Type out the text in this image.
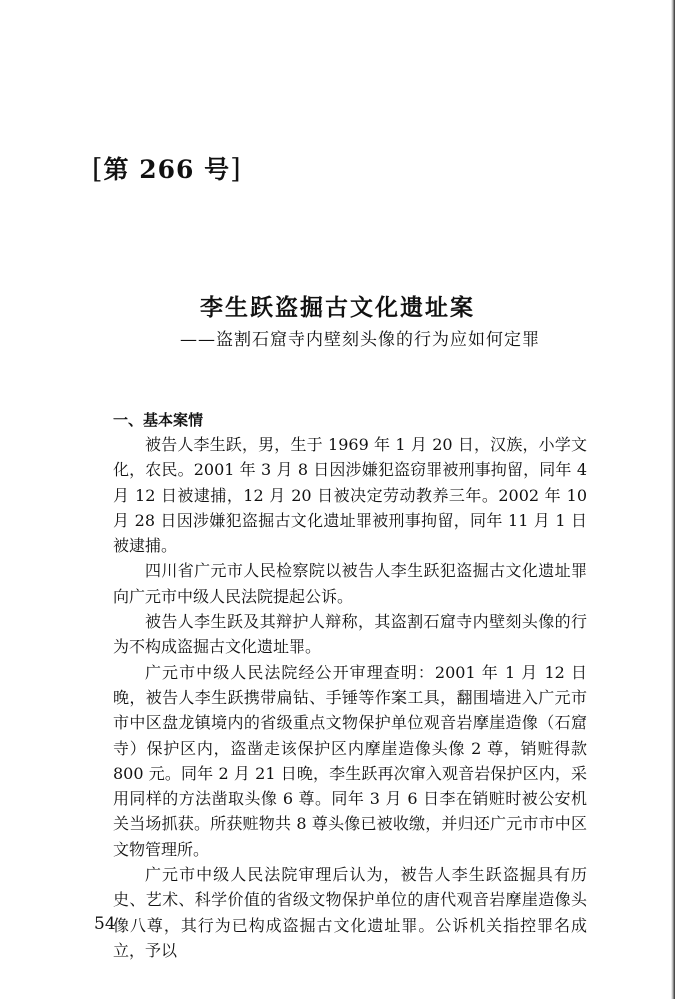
[第 266 号]
李生跃盗掘古文化遗址案
——盗割石窟寺内壁刻头像的行为应如何定罪
一、基本案情

被告人李生跃，男，生于 1969 年 1 月 20 日，汉族，小学文化，农民。2001 年 3 月 8 日因涉嫌犯盗窃罪被刑事拘留，同年 4 月 12 日被逮捕，12 月 20 日被决定劳动教养三年。2002 年 10 月 28 日因涉嫌犯盗掘古文化遗址罪被刑事拘留，同年 11 月 1 日被逮捕。

四川省广元市人民检察院以被告人李生跃犯盗掘古文化遗址罪向广元市中级人民法院提起公诉。

被告人李生跃及其辩护人辩称，其盗割石窟寺内壁刻头像的行为不构成盗掘古文化遗址罪。

广元市中级人民法院经公开审理查明：2001 年 1 月 12 日晚，被告人李生跃携带扁钻、手锤等作案工具，翻围墙进入广元市市中区盘龙镇境内的省级重点文物保护单位观音岩摩崖造像（石窟寺）保护区内，盗凿走该保护区内摩崖造像头像 2 尊，销赃得款 800 元。同年 2 月 21 日晚，李生跃再次窜入观音岩保护区内，采用同样的方法凿取头像 6 尊。同年 3 月 6 日李在销赃时被公安机关当场抓获。所获赃物共 8 尊头像已被收缴，并归还广元市市中区文物管理所。

广元市中级人民法院审理后认为，被告人李生跃盗掘具有历史、艺术、科学价值的省级文物保护单位的唐代观音岩摩崖造像头像八尊，其行为已构成盗掘古文化遗址罪。公诉机关指控罪名成立，予以

54
